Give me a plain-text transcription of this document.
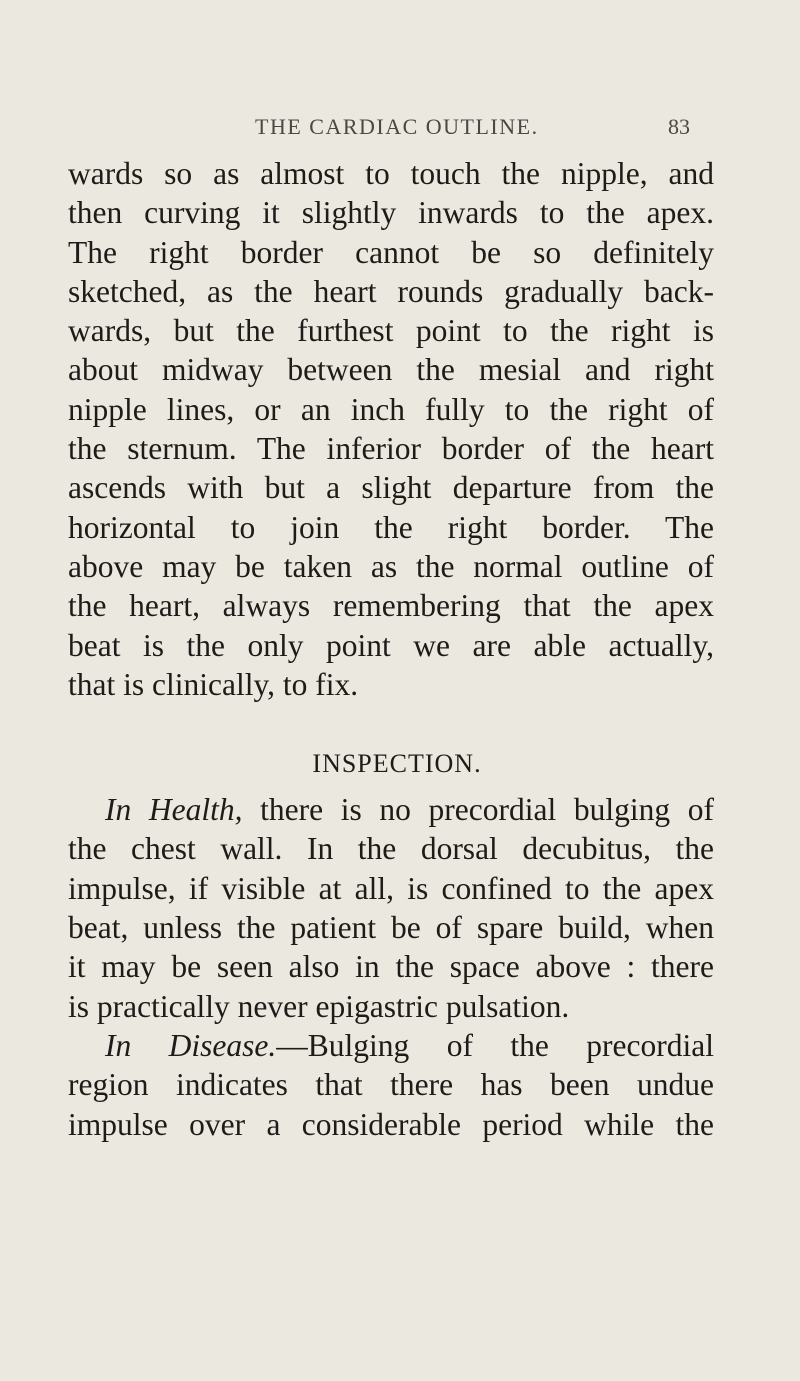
THE CARDIAC OUTLINE.	83
wards so as almost to touch the nipple, and
then curving it slightly inwards to the apex.
The right border cannot be so definitely
sketched, as the heart rounds gradually back-
wards, but the furthest point to the right is
about midway between the mesial and right
nipple lines, or an inch fully to the right of
the sternum. The inferior border of the heart
ascends with but a slight departure from the
horizontal to join the right border. The
above may be taken as the normal outline of
the heart, always remembering that the apex
beat is the only point we are able actually,
that is clinically, to fix.
INSPECTION.
In Health, there is no precordial bulging of
the chest wall. In the dorsal decubitus, the
impulse, if visible at all, is confined to the apex
beat, unless the patient be of spare build, when
it may be seen also in the space above : there
is practically never epigastric pulsation.
In Disease.—Bulging of the precordial
region indicates that there has been undue
impulse over a considerable period while the
